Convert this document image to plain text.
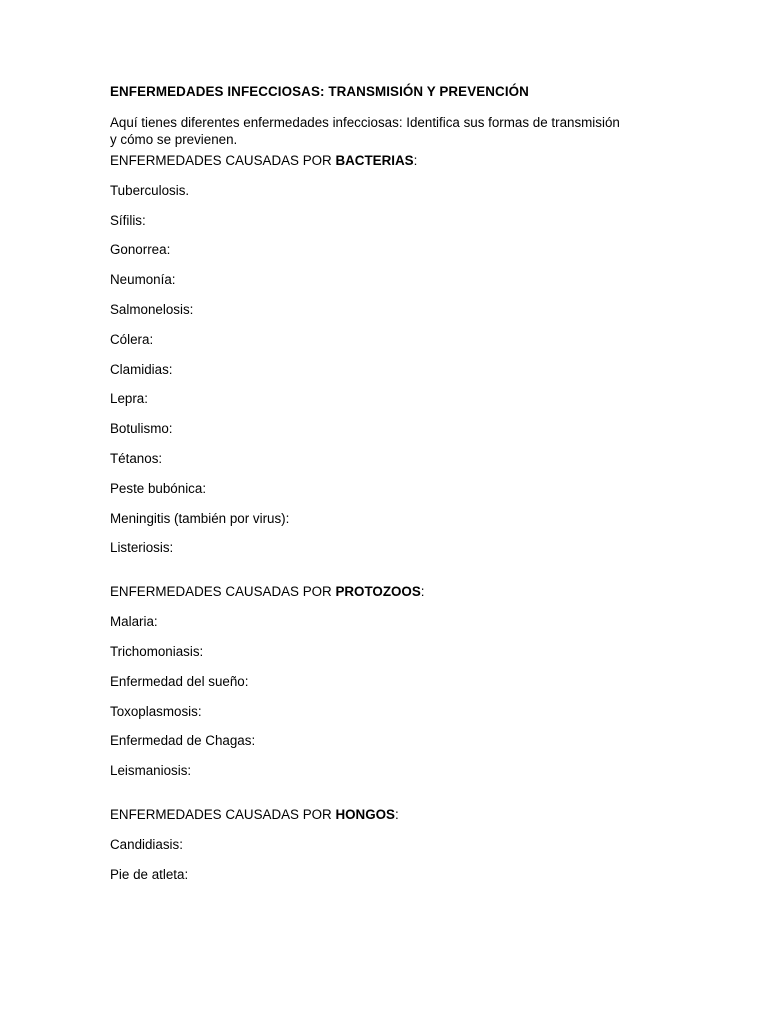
ENFERMEDADES INFECCIOSAS: TRANSMISIÓN Y PREVENCIÓN

Aquí tienes diferentes enfermedades infecciosas: Identifica sus formas de transmisión
y cómo se previenen.

ENFERMEDADES CAUSADAS POR BACTERIAS:

Tuberculosis.
Sífilis:
Gonorrea:
Neumonía:
Salmonelosis:
Cólera:
Clamidias:
Lepra:
Botulismo:
Tétanos:
Peste bubónica:
Meningitis (también por virus):
Listeriosis:

ENFERMEDADES CAUSADAS POR PROTOZOOS:

Malaria:
Trichomoniasis:
Enfermedad del sueño:
Toxoplasmosis:
Enfermedad de Chagas:
Leismaniosis:

ENFERMEDADES CAUSADAS POR HONGOS:

Candidiasis:
Pie de atleta:
